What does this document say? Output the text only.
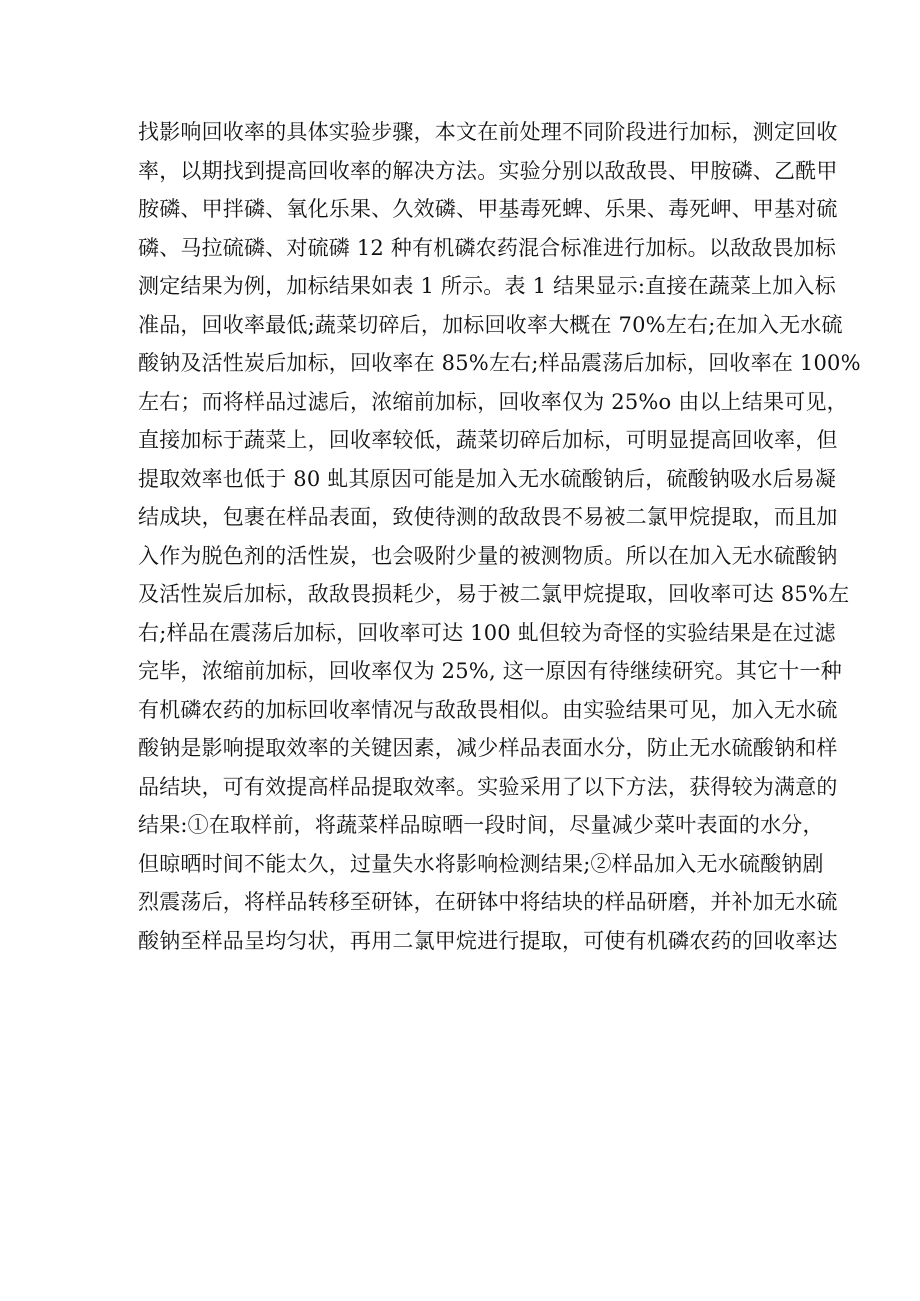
找影响回收率的具体实验步骤，本文在前处理不同阶段进行加标，测定回收
率，以期找到提高回收率的解决方法。实验分别以敌敌畏、甲胺磷、乙酰甲
胺磷、甲拌磷、氧化乐果、久效磷、甲基毒死蜱、乐果、毒死岬、甲基对硫
磷、马拉硫磷、对硫磷 12 种有机磷农药混合标准进行加标。以敌敌畏加标
测定结果为例，加标结果如表 1 所示。表 1 结果显示:直接在蔬菜上加入标
准品，回收率最低;蔬菜切碎后，加标回收率大概在 70%左右;在加入无水硫
酸钠及活性炭后加标，回收率在 85%左右;样品震荡后加标，回收率在 100%
左右；而将样品过滤后，浓缩前加标，回收率仅为 25%o 由以上结果可见，
直接加标于蔬菜上，回收率较低，蔬菜切碎后加标，可明显提高回收率，但
提取效率也低于 80 虬其原因可能是加入无水硫酸钠后，硫酸钠吸水后易凝
结成块，包裹在样品表面，致使待测的敌敌畏不易被二氯甲烷提取，而且加
入作为脱色剂的活性炭，也会吸附少量的被测物质。所以在加入无水硫酸钠
及活性炭后加标，敌敌畏损耗少，易于被二氯甲烷提取，回收率可达 85%左
右;样品在震荡后加标，回收率可达 100 虬但较为奇怪的实验结果是在过滤
完毕，浓缩前加标，回收率仅为 25%, 这一原因有待继续研究。其它十一种
有机磷农药的加标回收率情况与敌敌畏相似。由实验结果可见，加入无水硫
酸钠是影响提取效率的关键因素，减少样品表面水分，防止无水硫酸钠和样
品结块，可有效提高样品提取效率。实验采用了以下方法，获得较为满意的
结果:①在取样前，将蔬菜样品晾晒一段时间，尽量减少菜叶表面的水分，
但晾晒时间不能太久，过量失水将影响检测结果;②样品加入无水硫酸钠剧
烈震荡后，将样品转移至研钵，在研钵中将结块的样品研磨，并补加无水硫
酸钠至样品呈均匀状，再用二氯甲烷进行提取，可使有机磷农药的回收率达
